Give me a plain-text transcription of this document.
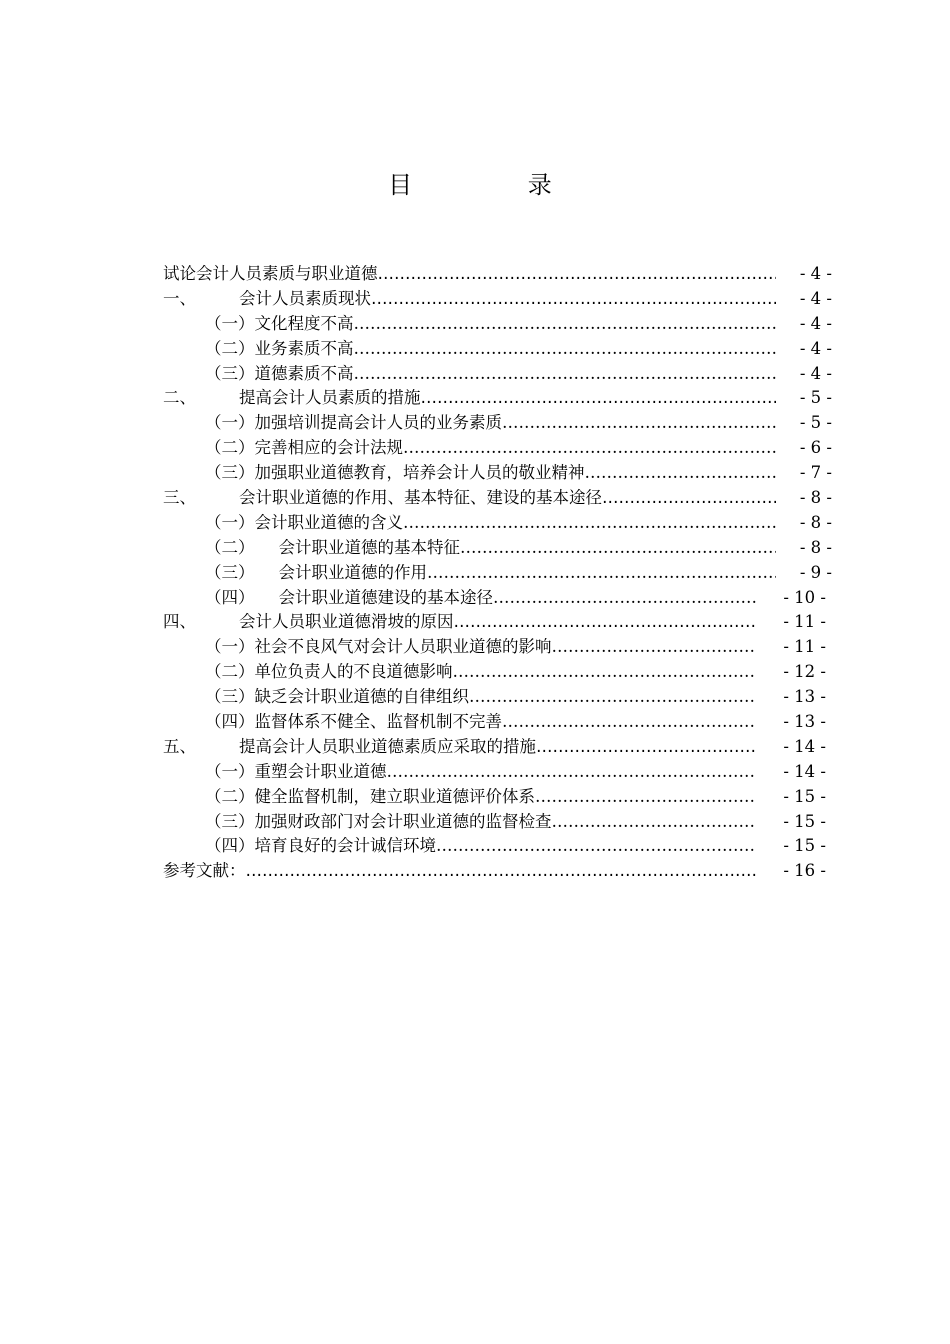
目 录
试论会计人员素质与职业道德 …………………………………………………………………………………………………………………………………………………………………………………………	- 4 -
一、	会计人员素质现状 …………………………………………………………………………………………………………………………………………………………………………………………	- 4 -
（一） 文化程度不高 …………………………………………………………………………………………………………………………………………………………………………………………	- 4 -
（二） 业务素质不高 …………………………………………………………………………………………………………………………………………………………………………………………	- 4 -
（三） 道德素质不高 …………………………………………………………………………………………………………………………………………………………………………………………	- 4 -
二、	提高会计人员素质的措施 …………………………………………………………………………………………………………………………………………………………………………………………	- 5 -
（一） 加强培训提高会计人员的业务素质 …………………………………………………………………………………………………………………………………………………………………………………………	- 5 -
（二） 完善相应的会计法规 …………………………………………………………………………………………………………………………………………………………………………………………	- 6 -
（三） 加强职业道德教育，培养会计人员的敬业精神 …………………………………………………………………………………………………………………………………………………………………………………………	- 7 -
三、	会计职业道德的作用、基本特征、建设的基本途径 …………………………………………………………………………………………………………………………………………………………………………………………	- 8 -
（一） 会计职业道德的含义 …………………………………………………………………………………………………………………………………………………………………………………………	- 8 -
（二） 会计职业道德的基本特征 …………………………………………………………………………………………………………………………………………………………………………………………	- 8 -
（三） 会计职业道德的作用 …………………………………………………………………………………………………………………………………………………………………………………………	- 9 -
（四） 会计职业道德建设的基本途径 …………………………………………………………………………………………………………………………………………………………………………………………	- 10 -
四、	会计人员职业道德滑坡的原因 …………………………………………………………………………………………………………………………………………………………………………………………	- 11 -
（一） 社会不良风气对会计人员职业道德的影响 …………………………………………………………………………………………………………………………………………………………………………………………	- 11 -
（二） 单位负责人的不良道德影响 …………………………………………………………………………………………………………………………………………………………………………………………	- 12 -
（三） 缺乏会计职业道德的自律组织 …………………………………………………………………………………………………………………………………………………………………………………………	- 13 -
（四） 监督体系不健全、监督机制不完善 …………………………………………………………………………………………………………………………………………………………………………………………	- 13 -
五、	提高会计人员职业道德素质应采取的措施 …………………………………………………………………………………………………………………………………………………………………………………………	- 14 -
（一） 重塑会计职业道德 …………………………………………………………………………………………………………………………………………………………………………………………	- 14 -
（二） 健全监督机制，建立职业道德评价体系 …………………………………………………………………………………………………………………………………………………………………………………………	- 15 -
（三） 加强财政部门对会计职业道德的监督检查 …………………………………………………………………………………………………………………………………………………………………………………………	- 15 -
（四） 培育良好的会计诚信环境 …………………………………………………………………………………………………………………………………………………………………………………………	- 15 -
参考文献： …………………………………………………………………………………………………………………………………………………………………………………………	- 16 -
